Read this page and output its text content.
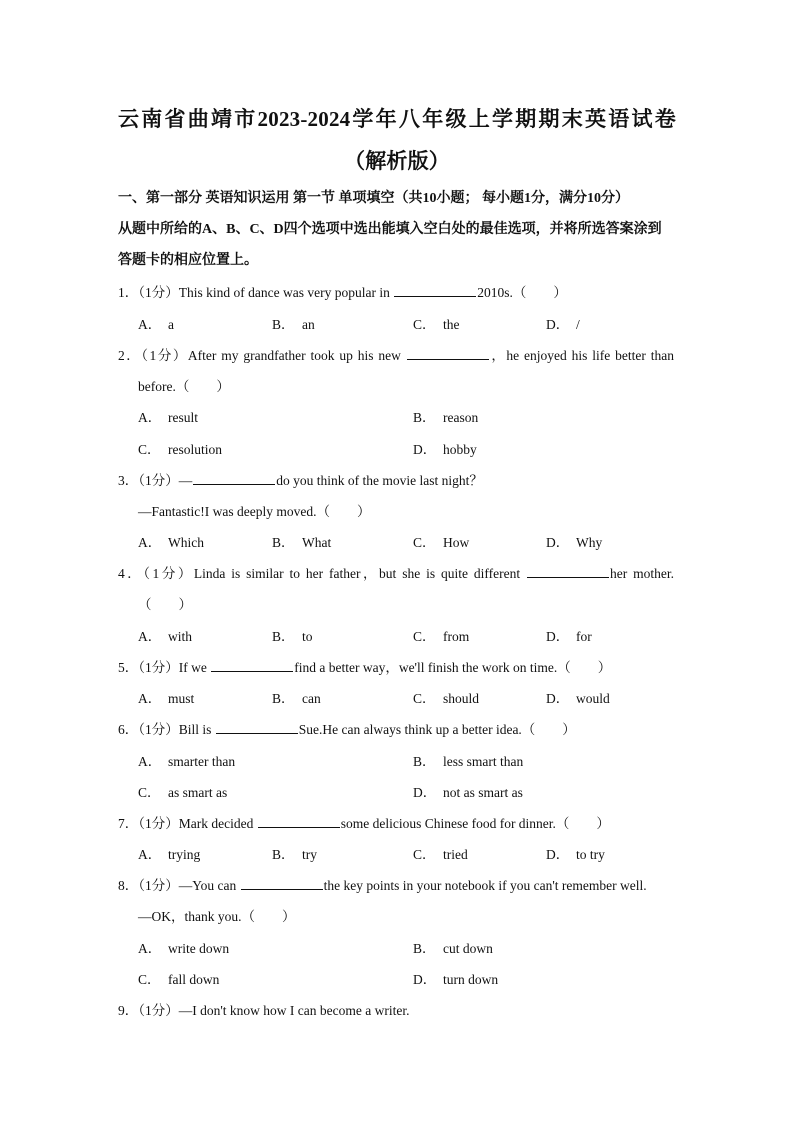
云南省曲靖市2023-2024学年八年级上学期期末英语试卷（解析版）
一、第一部分 英语知识运用 第一节 单项填空（共10小题； 每小题1分，满分10分）
从题中所给的A、B、C、D四个选项中选出能填入空白处的最佳选项，并将所选答案涂到
答题卡的相应位置上。
1．（1分）This kind of dance was very popular in	2010s.（　　）
A． a	B． an	C． the	D． /
2．（1分）After my grandfather took up his new	，he enjoyed his life better than
before.（　　）
A． result	B． reason
C． resolution	D． hobby
3．（1分）—	do you think of the movie last night？
—Fantastic!I was deeply moved.（　　）
A． Which	B． What	C． How	D． Why
4．（1分）Linda is similar to her father，but she is quite different	her mother.
（　　）
A． with	B． to	C． from	D． for
5．（1分）If we	find a better way，we'll finish the work on time.（　　）
A． must	B． can	C． should	D． would
6．（1分）Bill is	Sue.He can always think up a better idea.（　　）
A． smarter than	B． less smart than
C． as smart as	D． not as smart as
7．（1分）Mark decided	some delicious Chinese food for dinner.（　　）
A． trying	B． try	C． tried	D． to try
8．（1分）—You can	the key points in your notebook if you can't remember well.
—OK，thank you.（　　）
A． write down	B． cut down
C． fall down	D． turn down
9．（1分）—I don't know how I can become a writer.
